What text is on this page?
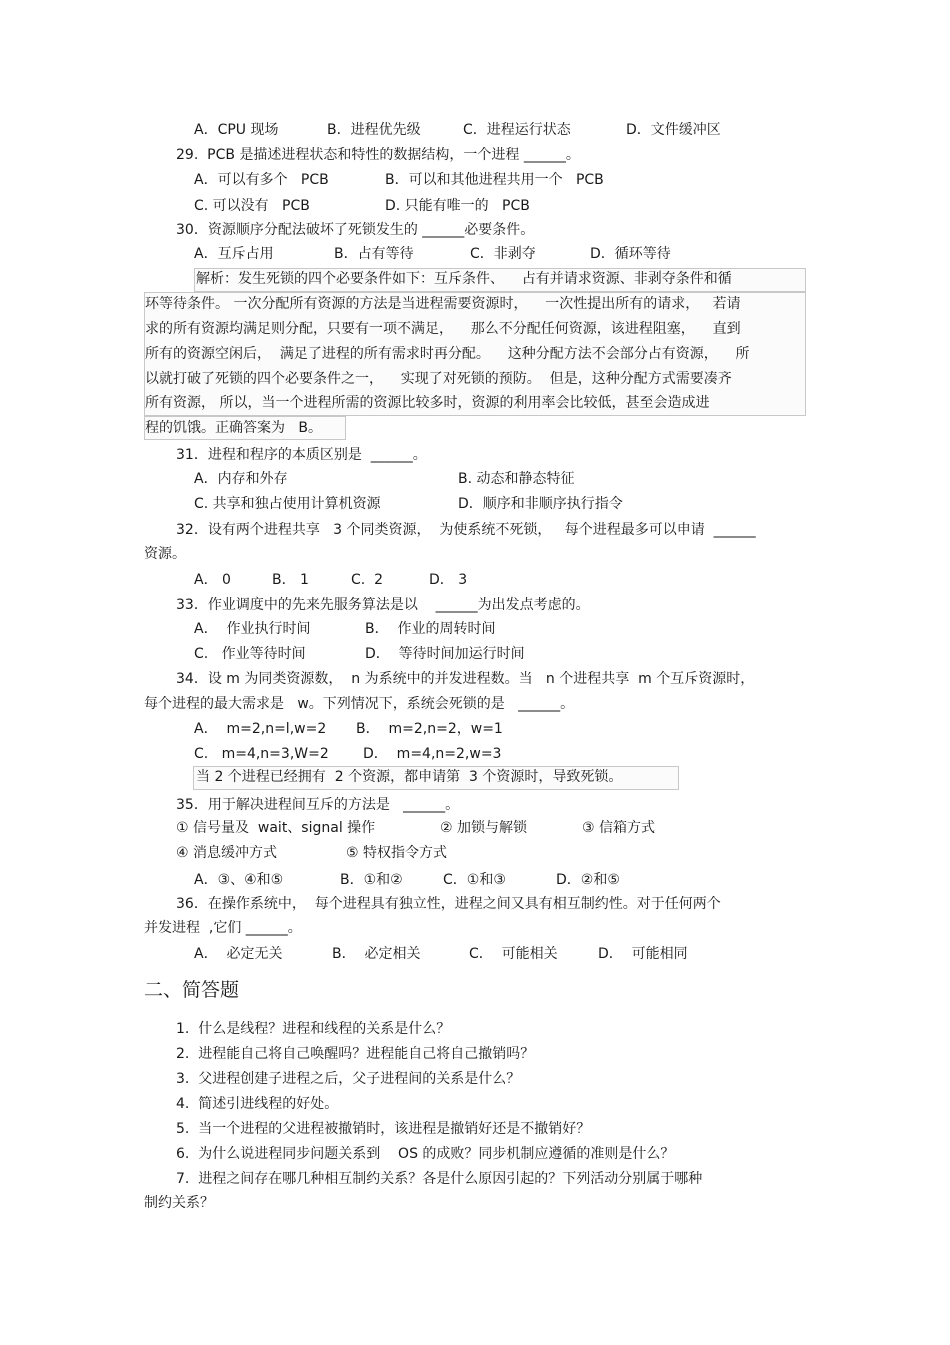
A．CPU 现场	B．进程优先级	C．进程运行状态	D．文件缓冲区
29.  PCB 是描述进程状态和特性的数据结构，一个进程 ______。
A．可以有多个   PCB	B．可以和其他进程共用一个   PCB
C. 可以没有   PCB	D. 只能有唯一的   PCB
30．资源顺序分配法破坏了死锁发生的 ______必要条件。
A．互斥占用	B．占有等待	C．非剥夺	D．循环等待
解析：发生死锁的四个必要条件如下：互斥条件、    占有并请求资源、非剥夺条件和循
环等待条件。 一次分配所有资源的方法是当进程需要资源时，    一次性提出所有的请求，   若请
求的所有资源均满足则分配，只要有一项不满足，    那么不分配任何资源，该进程阻塞，    直到
所有的资源空闲后，  满足了进程的所有需求时再分配。    这种分配方法不会部分占有资源，    所
以就打破了死锁的四个必要条件之一，    实现了对死锁的预防。  但是，这种分配方式需要凑齐
所有资源， 所以，当一个进程所需的资源比较多时，资源的利用率会比较低，甚至会造成进
程的饥饿。正确答案为   B。
31．进程和程序的本质区别是  ______。
A．内存和外存	B. 动态和静态特征
C. 共享和独占使用计算机资源	D．顺序和非顺序执行指令
32．设有两个进程共享   3 个同类资源，  为使系统不死锁，   每个进程最多可以申请  ______
资源。
A． 0	B． 1	C.  2	D． 3
33．作业调度中的先来先服务算法是以    ______为出发点考虑的。
A．  作业执行时间	B．  作业的周转时间
C.   作业等待时间	D．  等待时间加运行时间
34．设 m 为同类资源数，  n 为系统中的并发进程数。当   n 个进程共享  m 个互斥资源时，
每个进程的最大需求是   w。下列情况下，系统会死锁的是   ______。
A．  m=2,n=l,w=2 B．  m=2,n=2，w=1
C.   m=4,n=3,W=2 D．  m=4,n=2,w=3
当 2 个进程已经拥有  2 个资源，都申请第  3 个资源时，导致死锁。
35．用于解决进程间互斥的方法是   ______。
① 信号量及  wait、signal 操作	② 加锁与解锁	③ 信箱方式
④ 消息缓冲方式	⑤ 特权指令方式
A．③、④和⑤	B．①和②	C．①和③	D．②和⑤
36．在操作系统中，  每个进程具有独立性，进程之间又具有相互制约性。对于任何两个
并发进程  ,它们 ______。
A．  必定无关	B．  必定相关	C．  可能相关	D．  可能相同
二、简答题
1.  什么是线程？进程和线程的关系是什么？
2.  进程能自己将自己唤醒吗？进程能自己将自己撤销吗？
3.  父进程创建子进程之后，父子进程间的关系是什么？
4.  简述引进线程的好处。
5.  当一个进程的父进程被撤销时，该进程是撤销好还是不撤销好？
6.  为什么说进程同步问题关系到    OS 的成败？同步机制应遵循的准则是什么？
7.  进程之间存在哪几种相互制约关系？各是什么原因引起的？下列活动分别属于哪种
制约关系？
